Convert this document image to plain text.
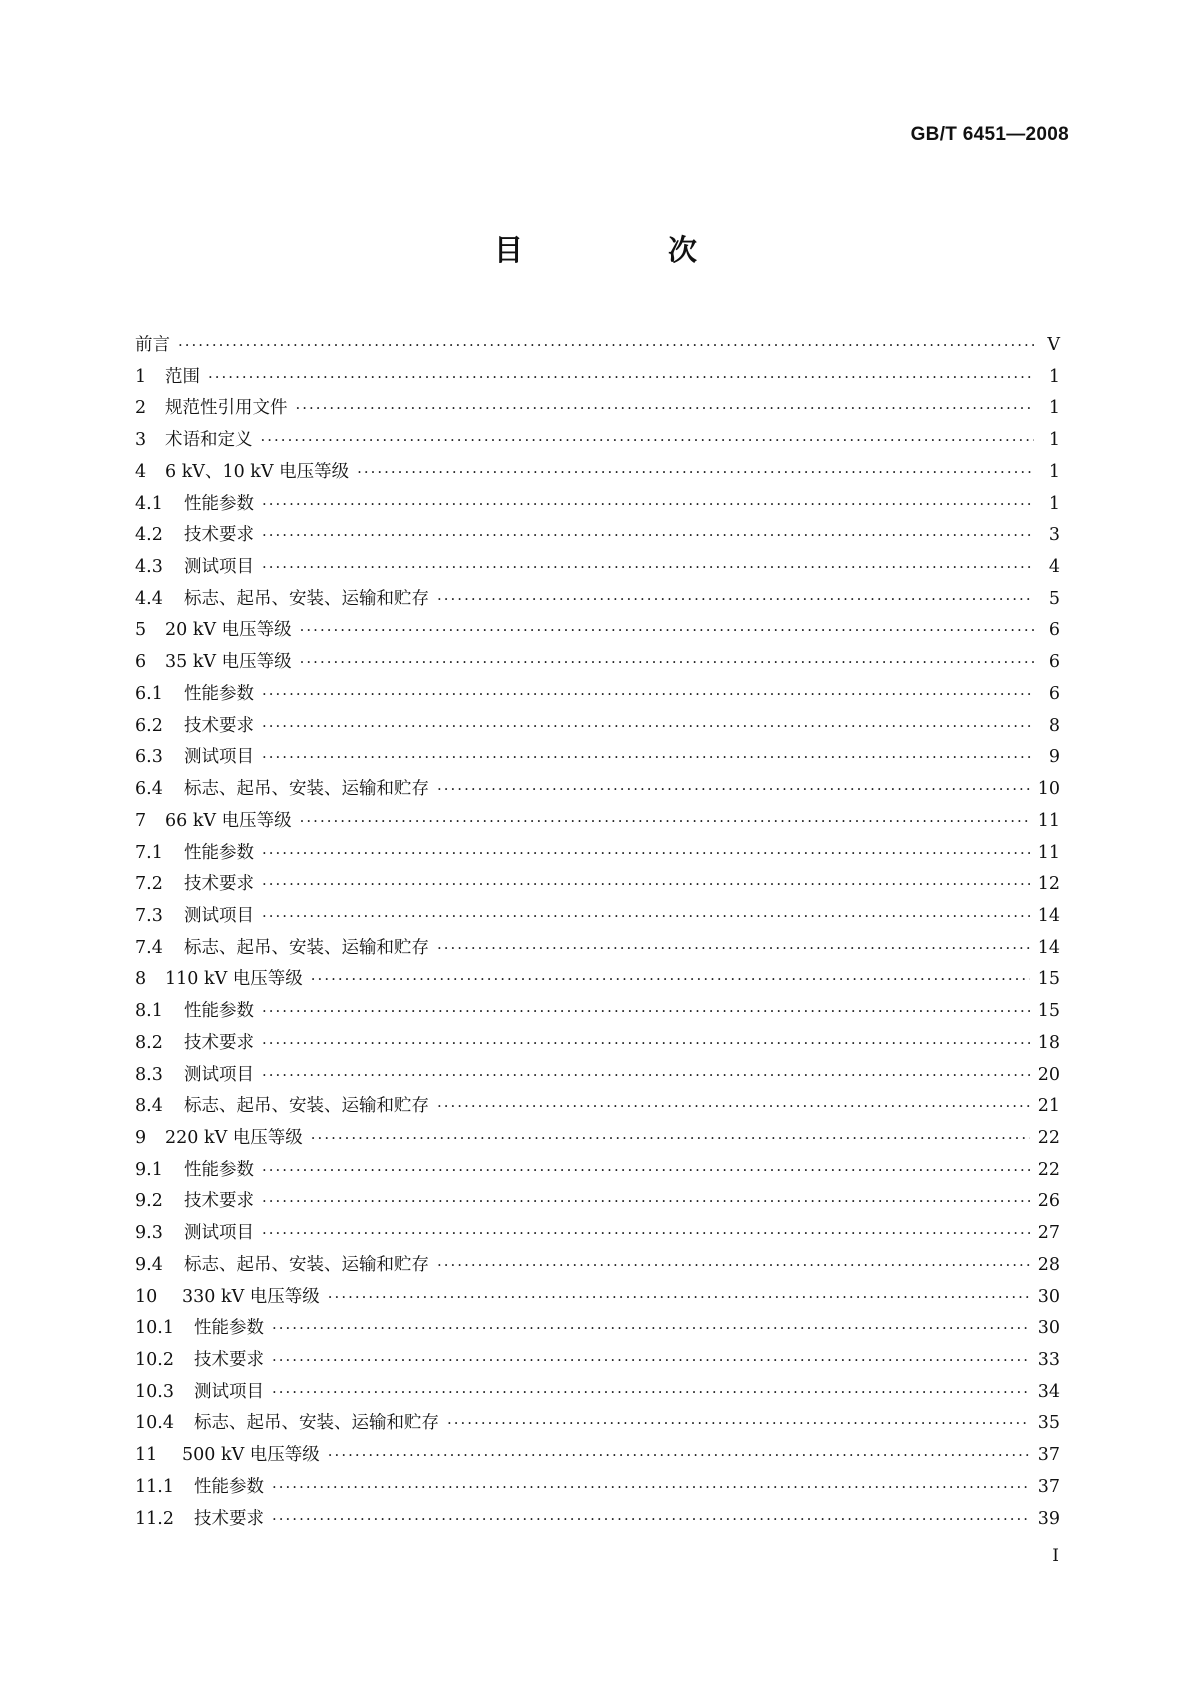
GB/T 6451—2008

目　次
前言 ·····	Ⅴ
1	范围 ·····	1
2	规范性引用文件 ·····	1
3	术语和定义 ·····	1
4	6 kV、10 kV 电压等级 ·····	1
4.1	性能参数 ·····	1
4.2	技术要求 ·····	3
4.3	测试项目 ·····	4
4.4	标志、起吊、安装、运输和贮存 ·····	5
5	20 kV 电压等级 ·····	6
6	35 kV 电压等级 ·····	6
6.1	性能参数 ·····	6
6.2	技术要求 ·····	8
6.3	测试项目 ·····	9
6.4	标志、起吊、安装、运输和贮存 ·····	10
7	66 kV 电压等级 ·····	11
7.1	性能参数 ·····	11
7.2	技术要求 ·····	12
7.3	测试项目 ·····	14
7.4	标志、起吊、安装、运输和贮存 ·····	14
8	110 kV 电压等级 ·····	15
8.1	性能参数 ·····	15
8.2	技术要求 ·····	18
8.3	测试项目 ·····	20
8.4	标志、起吊、安装、运输和贮存 ·····	21
9	220 kV 电压等级 ·····	22
9.1	性能参数 ·····	22
9.2	技术要求 ·····	26
9.3	测试项目 ·····	27
9.4	标志、起吊、安装、运输和贮存 ·····	28
10	330 kV 电压等级 ·····	30
10.1	性能参数 ·····	30
10.2	技术要求 ·····	33
10.3	测试项目 ·····	34
10.4	标志、起吊、安装、运输和贮存 ·····	35
11	500 kV 电压等级 ·····	37
11.1	性能参数 ·····	37
11.2	技术要求 ·····	39

Ⅰ
